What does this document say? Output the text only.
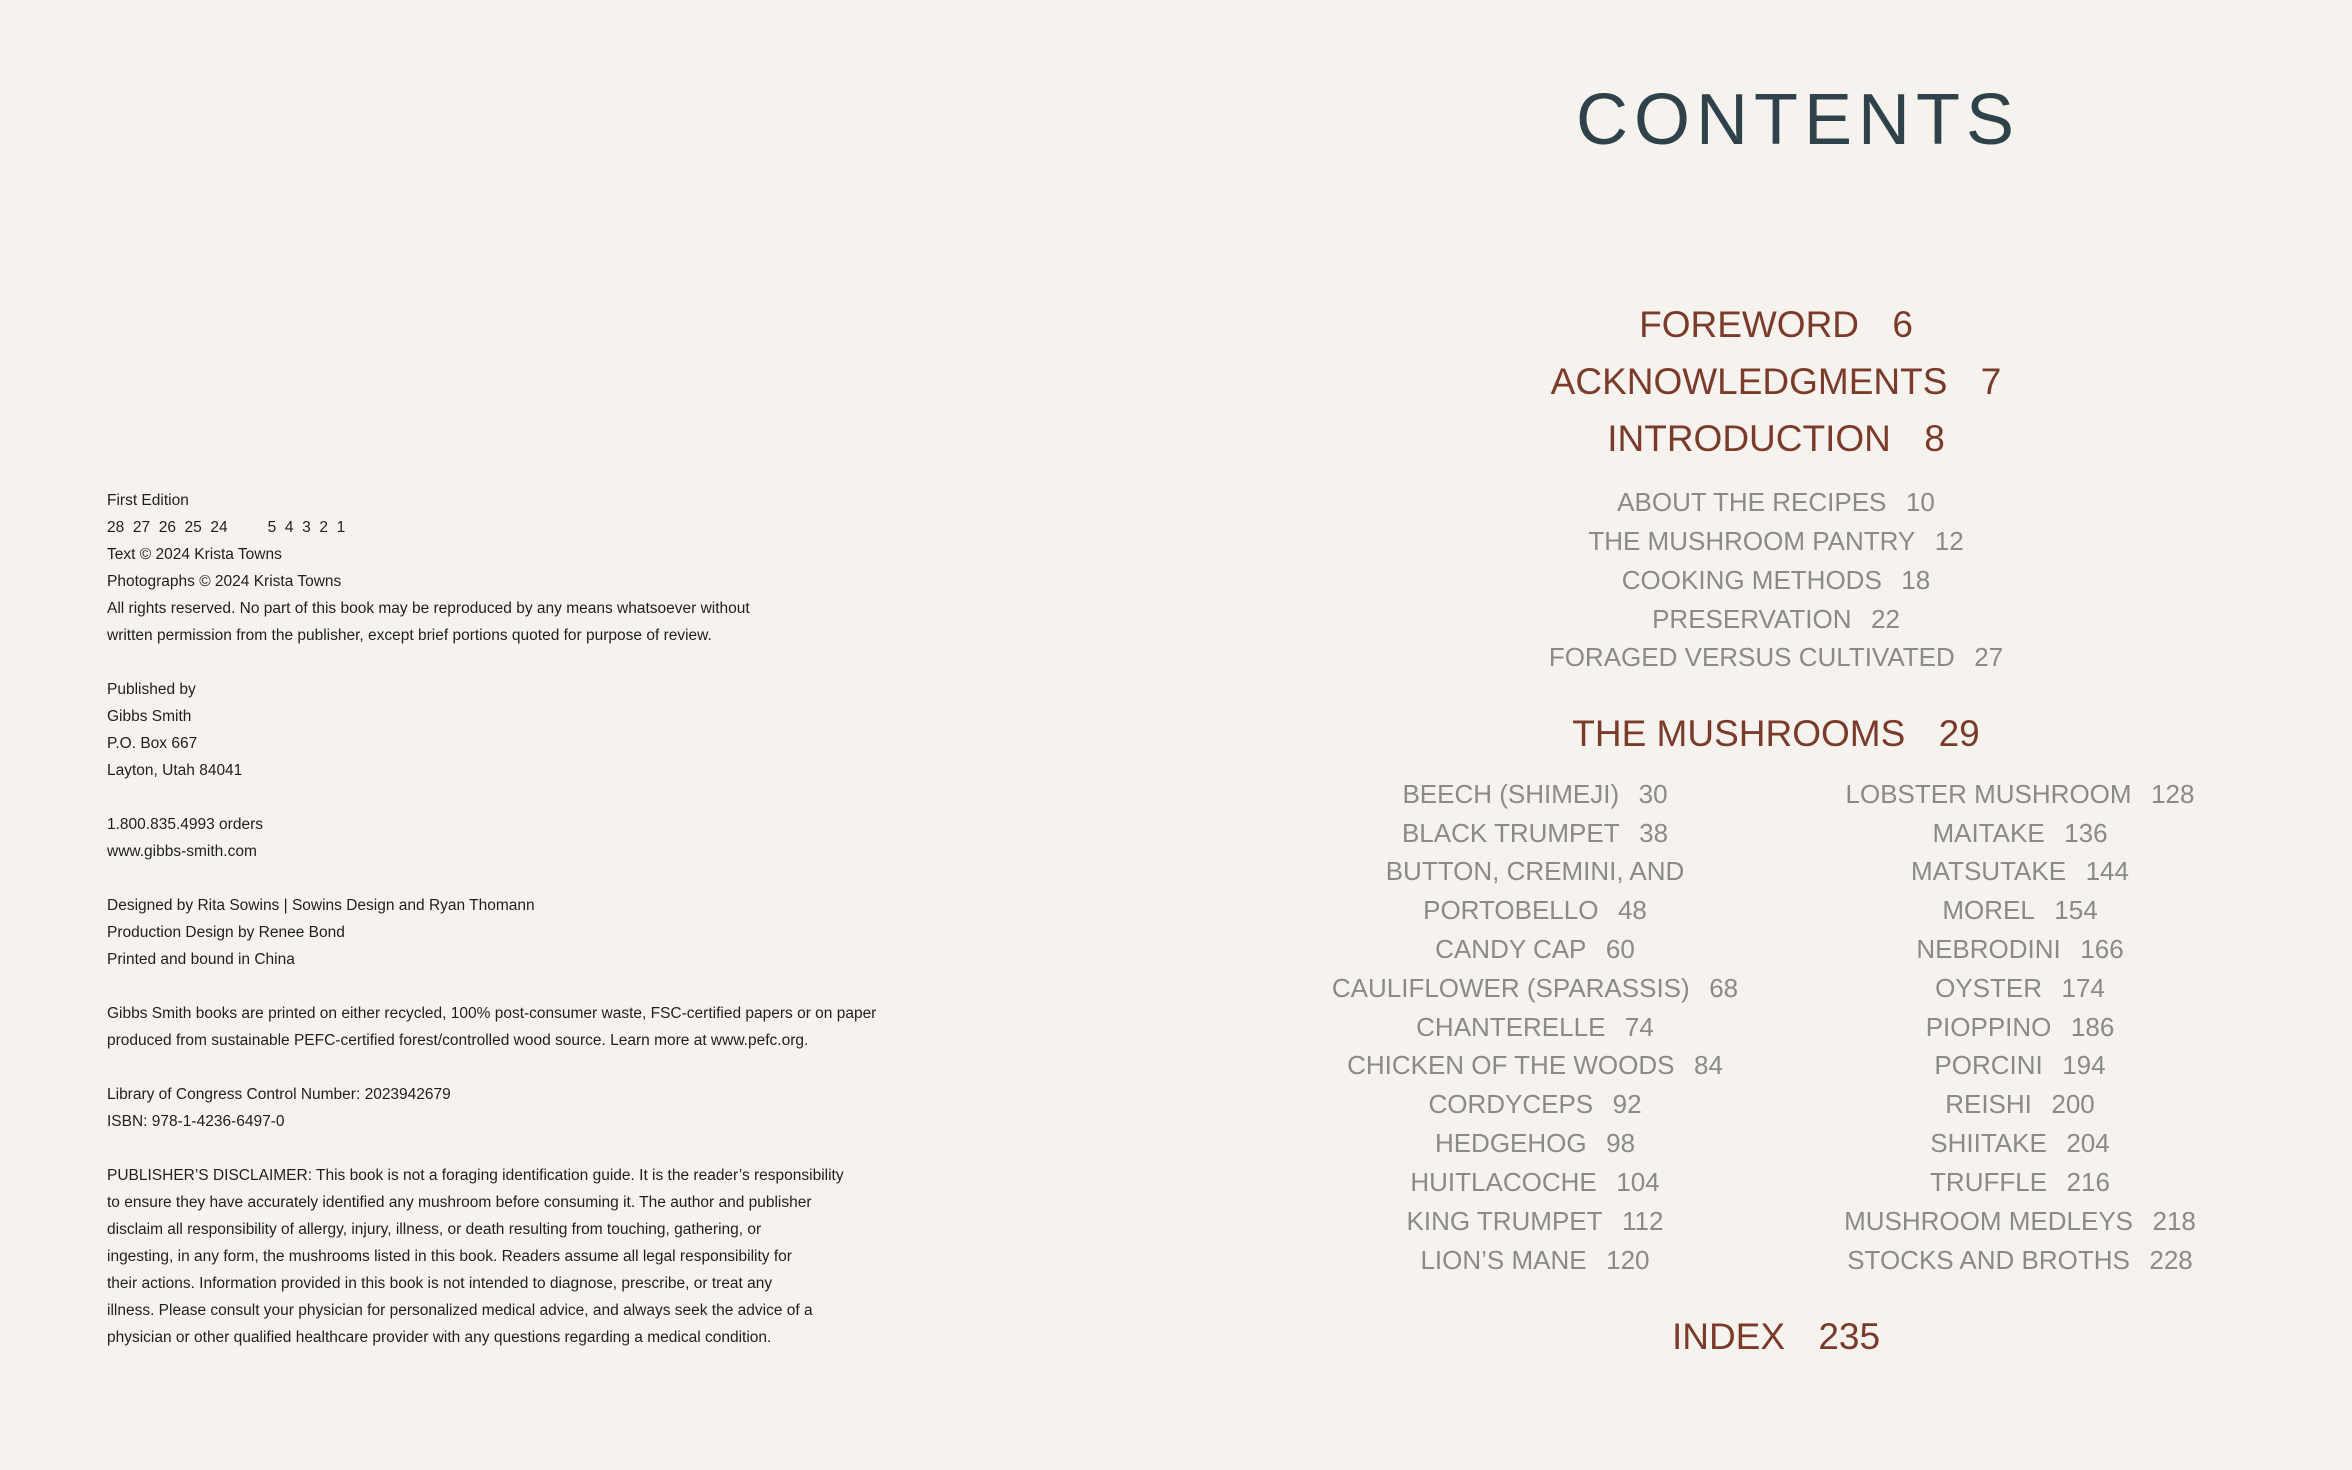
First Edition
28  27  26  25  24	5  4  3  2  1
Text © 2024 Krista Towns
Photographs © 2024 Krista Towns
All rights reserved. No part of this book may be reproduced by any means whatsoever without
written permission from the publisher, except brief portions quoted for purpose of review.
Published by
Gibbs Smith
P.O. Box 667
Layton, Utah 84041
1.800.835.4993 orders
www.gibbs-smith.com
Designed by Rita Sowins | Sowins Design and Ryan Thomann
Production Design by Renee Bond
Printed and bound in China
Gibbs Smith books are printed on either recycled, 100% post-consumer waste, FSC-certified papers or on paper
produced from sustainable PEFC-certified forest/controlled wood source. Learn more at www.pefc.org.
Library of Congress Control Number: 2023942679
ISBN: 978-1-4236-6497-0
PUBLISHER’S DISCLAIMER: This book is not a foraging identification guide. It is the reader’s responsibility
to ensure they have accurately identified any mushroom before consuming it. The author and publisher
disclaim all responsibility of allergy, injury, illness, or death resulting from touching, gathering, or
ingesting, in any form, the mushrooms listed in this book. Readers assume all legal responsibility for
their actions. Information provided in this book is not intended to diagnose, prescribe, or treat any
illness. Please consult your physician for personalized medical advice, and always seek the advice of a
physician or other qualified healthcare provider with any questions regarding a medical condition.
CONTENTS
FOREWORD 6
ACKNOWLEDGMENTS 7
INTRODUCTION 8
ABOUT THE RECIPES 10
THE MUSHROOM PANTRY 12
COOKING METHODS 18
PRESERVATION 22
FORAGED VERSUS CULTIVATED 27
THE MUSHROOMS 29
BEECH (SHIMEJI) 30
BLACK TRUMPET 38
BUTTON, CREMINI, AND
PORTOBELLO 48
CANDY CAP 60
CAULIFLOWER (SPARASSIS) 68
CHANTERELLE 74
CHICKEN OF THE WOODS 84
CORDYCEPS 92
HEDGEHOG 98
HUITLACOCHE 104
KING TRUMPET 112
LION’S MANE 120
LOBSTER MUSHROOM 128
MAITAKE 136
MATSUTAKE 144
MOREL 154
NEBRODINI 166
OYSTER 174
PIOPPINO 186
PORCINI 194
REISHI 200
SHIITAKE 204
TRUFFLE 216
MUSHROOM MEDLEYS 218
STOCKS AND BROTHS 228
INDEX 235
